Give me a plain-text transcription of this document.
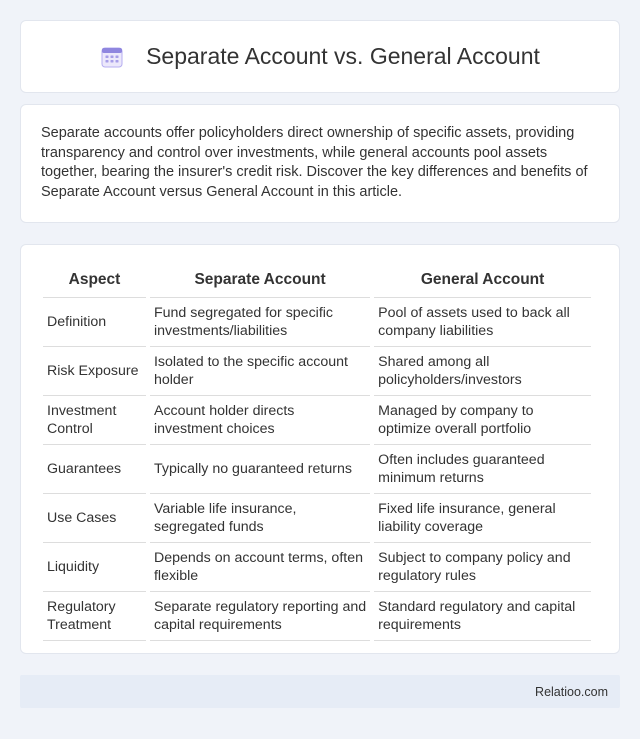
Separate Account vs. General Account

Separate accounts offer policyholders direct ownership of specific assets, providing transparency and control over investments, while general accounts pool assets together, bearing the insurer's credit risk. Discover the key differences and benefits of Separate Account versus General Account in this article.

Aspect	Separate Account	General Account
Definition	Fund segregated for specific investments/liabilities	Pool of assets used to back all company liabilities
Risk Exposure	Isolated to the specific account holder	Shared among all policyholders/investors
Investment Control	Account holder directs investment choices	Managed by company to optimize overall portfolio
Guarantees	Typically no guaranteed returns	Often includes guaranteed minimum returns
Use Cases	Variable life insurance, segregated funds	Fixed life insurance, general liability coverage
Liquidity	Depends on account terms, often flexible	Subject to company policy and regulatory rules
Regulatory Treatment	Separate regulatory reporting and capital requirements	Standard regulatory and capital requirements
Relatioo.com
